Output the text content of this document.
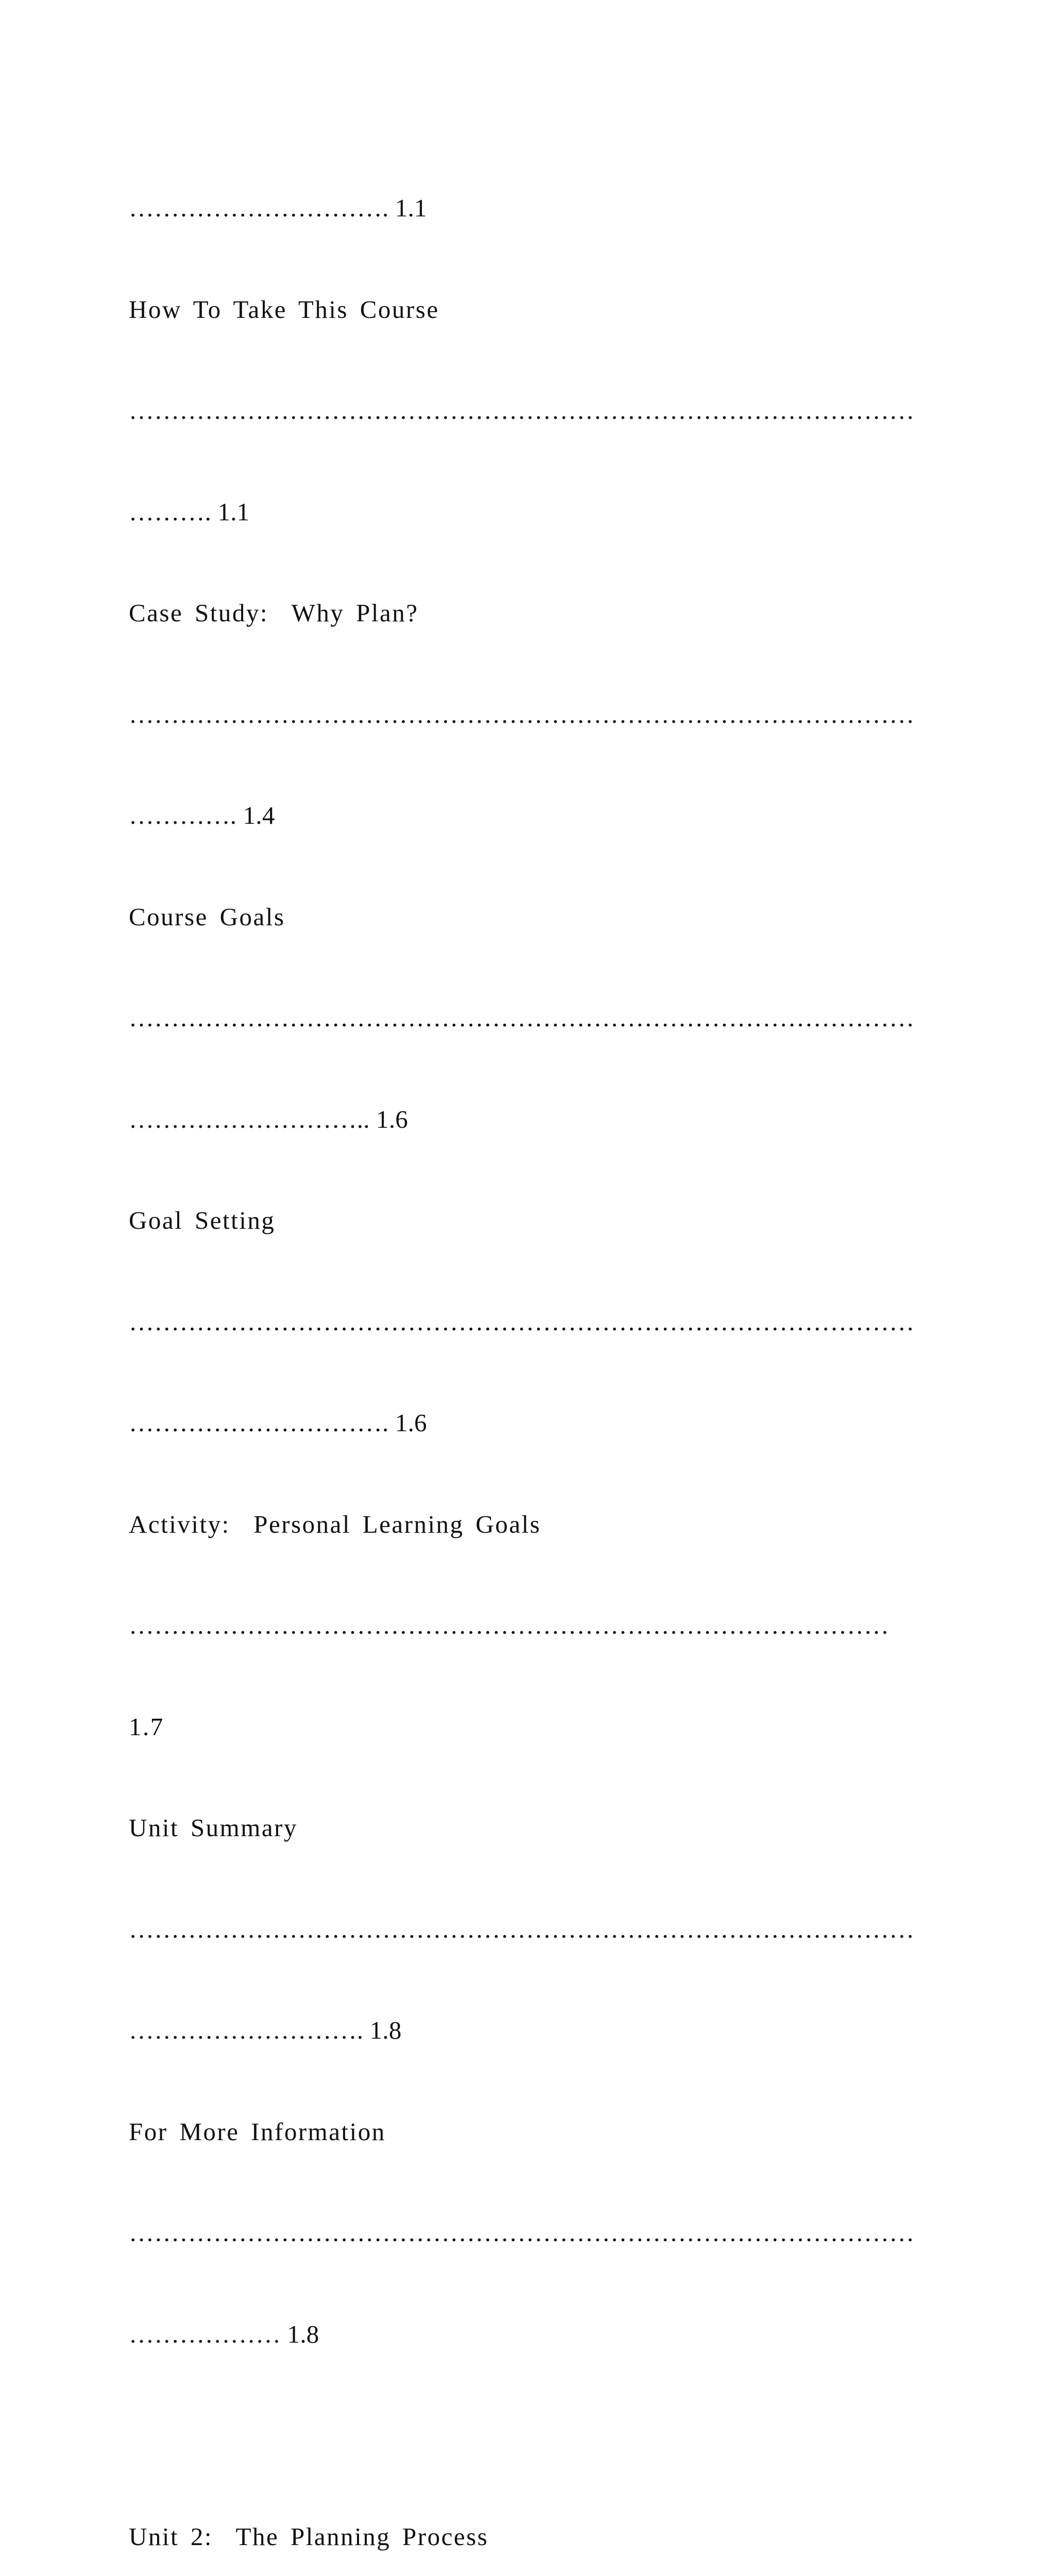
…………………………. 1.1

How To Take This Course

…………………………………………………………………………………

………. 1.1

Case Study:  Why Plan?

…………………………………………………………………………………

…………. 1.4

Course Goals

…………………………………………………………………………………

……………………….. 1.6

Goal Setting

…………………………………………………………………………………

…………………………. 1.6

Activity:  Personal Learning Goals

………………………………………………………………………………

1.7

Unit Summary

…………………………………………………………………………………

………………………. 1.8

For More Information

…………………………………………………………………………………

……………… 1.8

Unit 2:  The Planning Process
